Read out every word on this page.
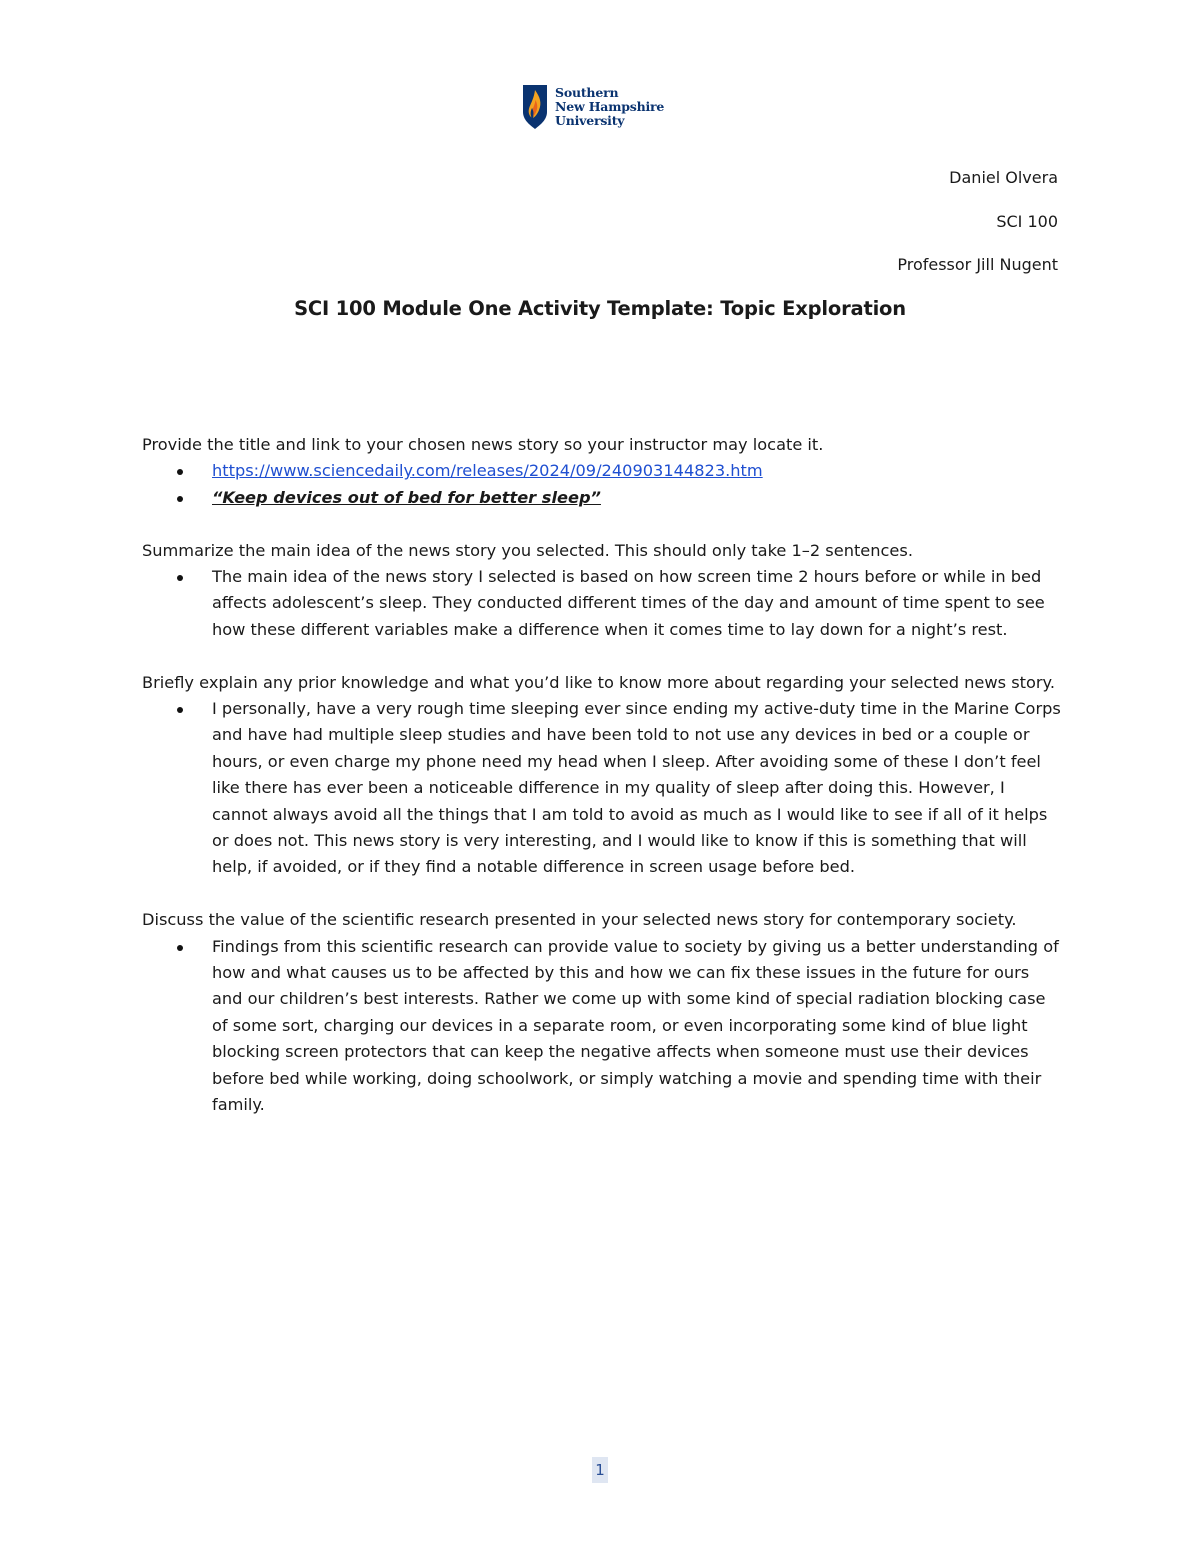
Southern
New Hampshire
University
Daniel Olvera
SCI 100
Professor Jill Nugent
SCI 100 Module One Activity Template: Topic Exploration

Provide the title and link to your chosen news story so your instructor may locate it.

https://www.sciencedaily.com/releases/2024/09/240903144823.htm
“Keep devices out of bed for better sleep”

Summarize the main idea of the news story you selected. This should only take 1–2 sentences.

The main idea of the news story I selected is based on how screen time 2 hours before or while in bed affects adolescent’s sleep. They conducted different times of the day and amount of time spent to see how these different variables make a difference when it comes time to lay down for a night’s rest.

Briefly explain any prior knowledge and what you’d like to know more about regarding your selected news story.

I personally, have a very rough time sleeping ever since ending my active-duty time in the Marine Corps and have had multiple sleep studies and have been told to not use any devices in bed or a couple or hours, or even charge my phone need my head when I sleep. After avoiding some of these I don’t feel like there has ever been a noticeable difference in my quality of sleep after doing this. However, I cannot always avoid all the things that I am told to avoid as much as I would like to see if all of it helps or does not. This news story is very interesting, and I would like to know if this is something that will help, if avoided, or if they find a notable difference in screen usage before bed.

Discuss the value of the scientific research presented in your selected news story for contemporary society.

Findings from this scientific research can provide value to society by giving us a better understanding of how and what causes us to be affected by this and how we can fix these issues in the future for ours and our children’s best interests. Rather we come up with some kind of special radiation blocking case of some sort, charging our devices in a separate room, or even incorporating some kind of blue light blocking screen protectors that can keep the negative affects when someone must use their devices before bed while working, doing schoolwork, or simply watching a movie and spending time with their family.
1
